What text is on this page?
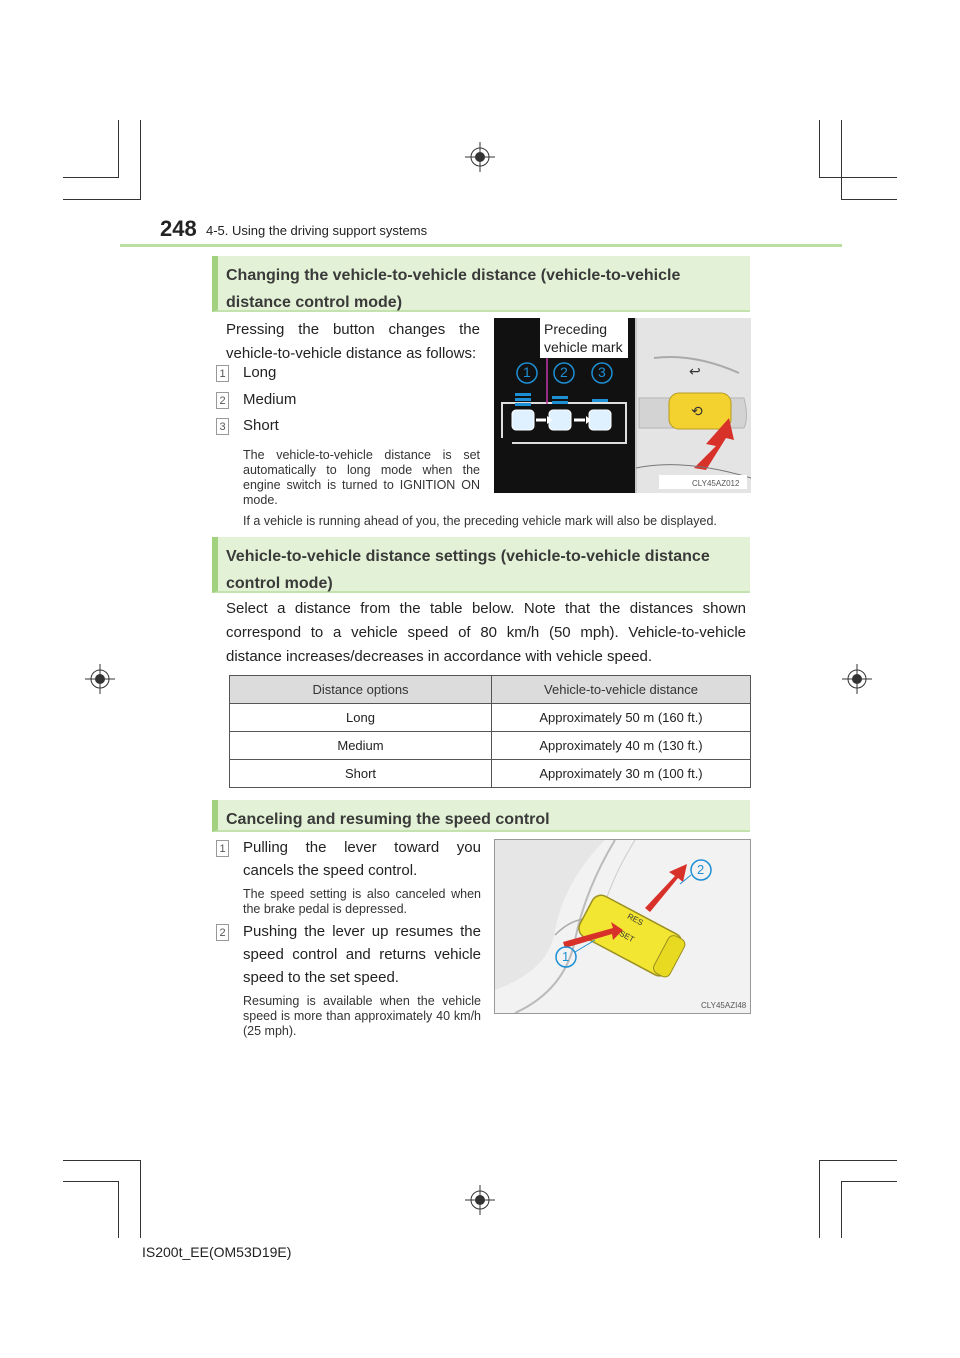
248 4-5. Using the driving support systems
Changing the vehicle-to-vehicle distance (vehicle-to-vehicle distance control mode)
Pressing the button changes the vehicle-to-vehicle distance as follows:
1 Long
2 Medium
3 Short
The vehicle-to-vehicle distance is set automatically to long mode when the engine switch is turned to IGNITION ON mode.
If a vehicle is running ahead of you, the preceding vehicle mark will also be displayed.
⟲
↩
Preceding vehicle mark
1 2 3
CLY45AZ012
Vehicle-to-vehicle distance settings (vehicle-to-vehicle distance control mode)
Select a distance from the table below. Note that the distances shown correspond to a vehicle speed of 80 km/h (50 mph). Vehicle-to-vehicle distance increases/decreases in accordance with vehicle speed.
Distance options	Vehicle-to-vehicle distance
Long	Approximately 50 m (160 ft.)
Medium	Approximately 40 m (130 ft.)
Short	Approximately 30 m (100 ft.)
Canceling and resuming the speed control
1 Pulling the lever toward you cancels the speed control.
The speed setting is also canceled when the brake pedal is depressed.
2 Pushing the lever up resumes the speed control and returns vehicle speed to the set speed.
Resuming is available when the vehicle speed is more than approximately 40 km/h (25 mph).
1
2
RES
SET
CLY45AZI48
IS200t_EE(OM53D19E)
